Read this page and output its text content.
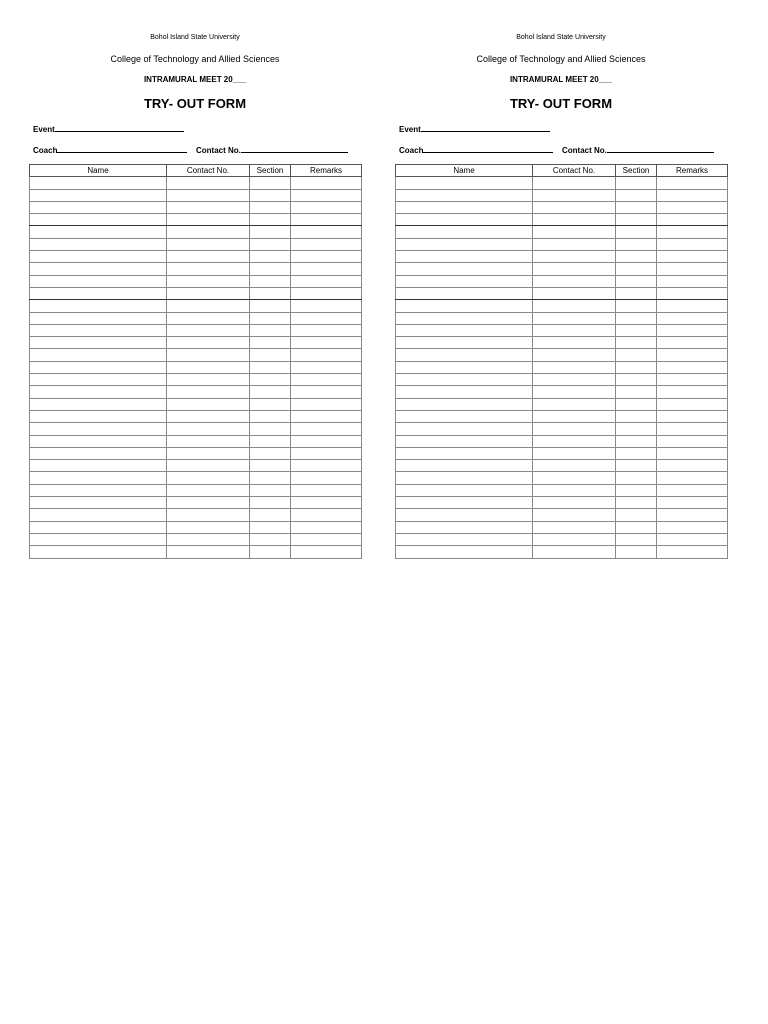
Bohol Island State University
College of Technology and Allied Sciences
INTRAMURAL MEET 20___
TRY- OUT FORM
Event
Coach	Contact No.
Name	Contact No.	Section	Remarks

Bohol Island State University
College of Technology and Allied Sciences
INTRAMURAL MEET 20___
TRY- OUT FORM
Event
Coach	Contact No.
Name	Contact No.	Section	Remarks
